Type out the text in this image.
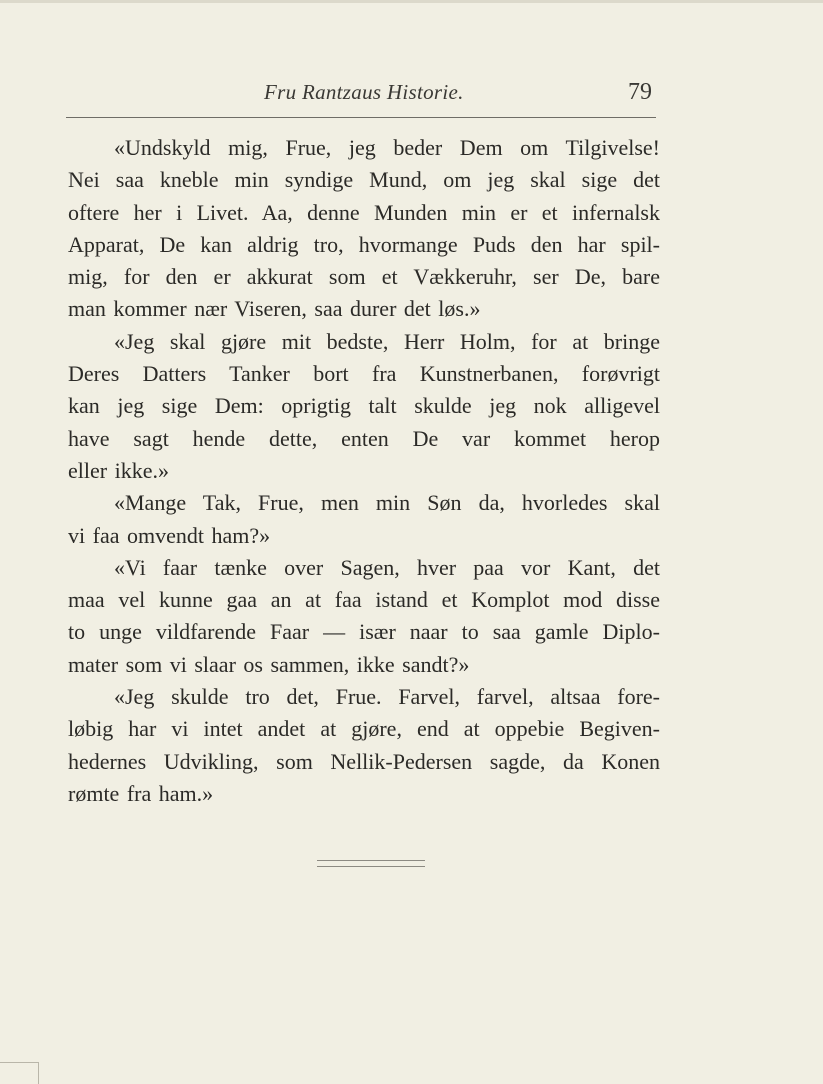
Fru Rantzaus Historie.	79
«Undskyld mig, Frue, jeg beder Dem om Tilgivelse!
Nei saa kneble min syndige Mund, om jeg skal sige det
oftere her i Livet. Aa, denne Munden min er et infernalsk
Apparat, De kan aldrig tro, hvormange Puds den har spil-
mig, for den er akkurat som et Vækkeruhr, ser De, bare
man kommer nær Viseren, saa durer det løs.»
«Jeg skal gjøre mit bedste, Herr Holm, for at bringe
Deres Datters Tanker bort fra Kunstnerbanen, forøvrigt
kan jeg sige Dem: oprigtig talt skulde jeg nok alligevel
have sagt hende dette, enten De var kommet herop
eller ikke.»
«Mange Tak, Frue, men min Søn da, hvorledes skal
vi faa omvendt ham?»
«Vi faar tænke over Sagen, hver paa vor Kant, det
maa vel kunne gaa an at faa istand et Komplot mod disse
to unge vildfarende Faar — især naar to saa gamle Diplo-
mater som vi slaar os sammen, ikke sandt?»
«Jeg skulde tro det, Frue. Farvel, farvel, altsaa fore-
løbig har vi intet andet at gjøre, end at oppebie Begiven-
hedernes Udvikling, som Nellik-Pedersen sagde, da Konen
rømte fra ham.»
